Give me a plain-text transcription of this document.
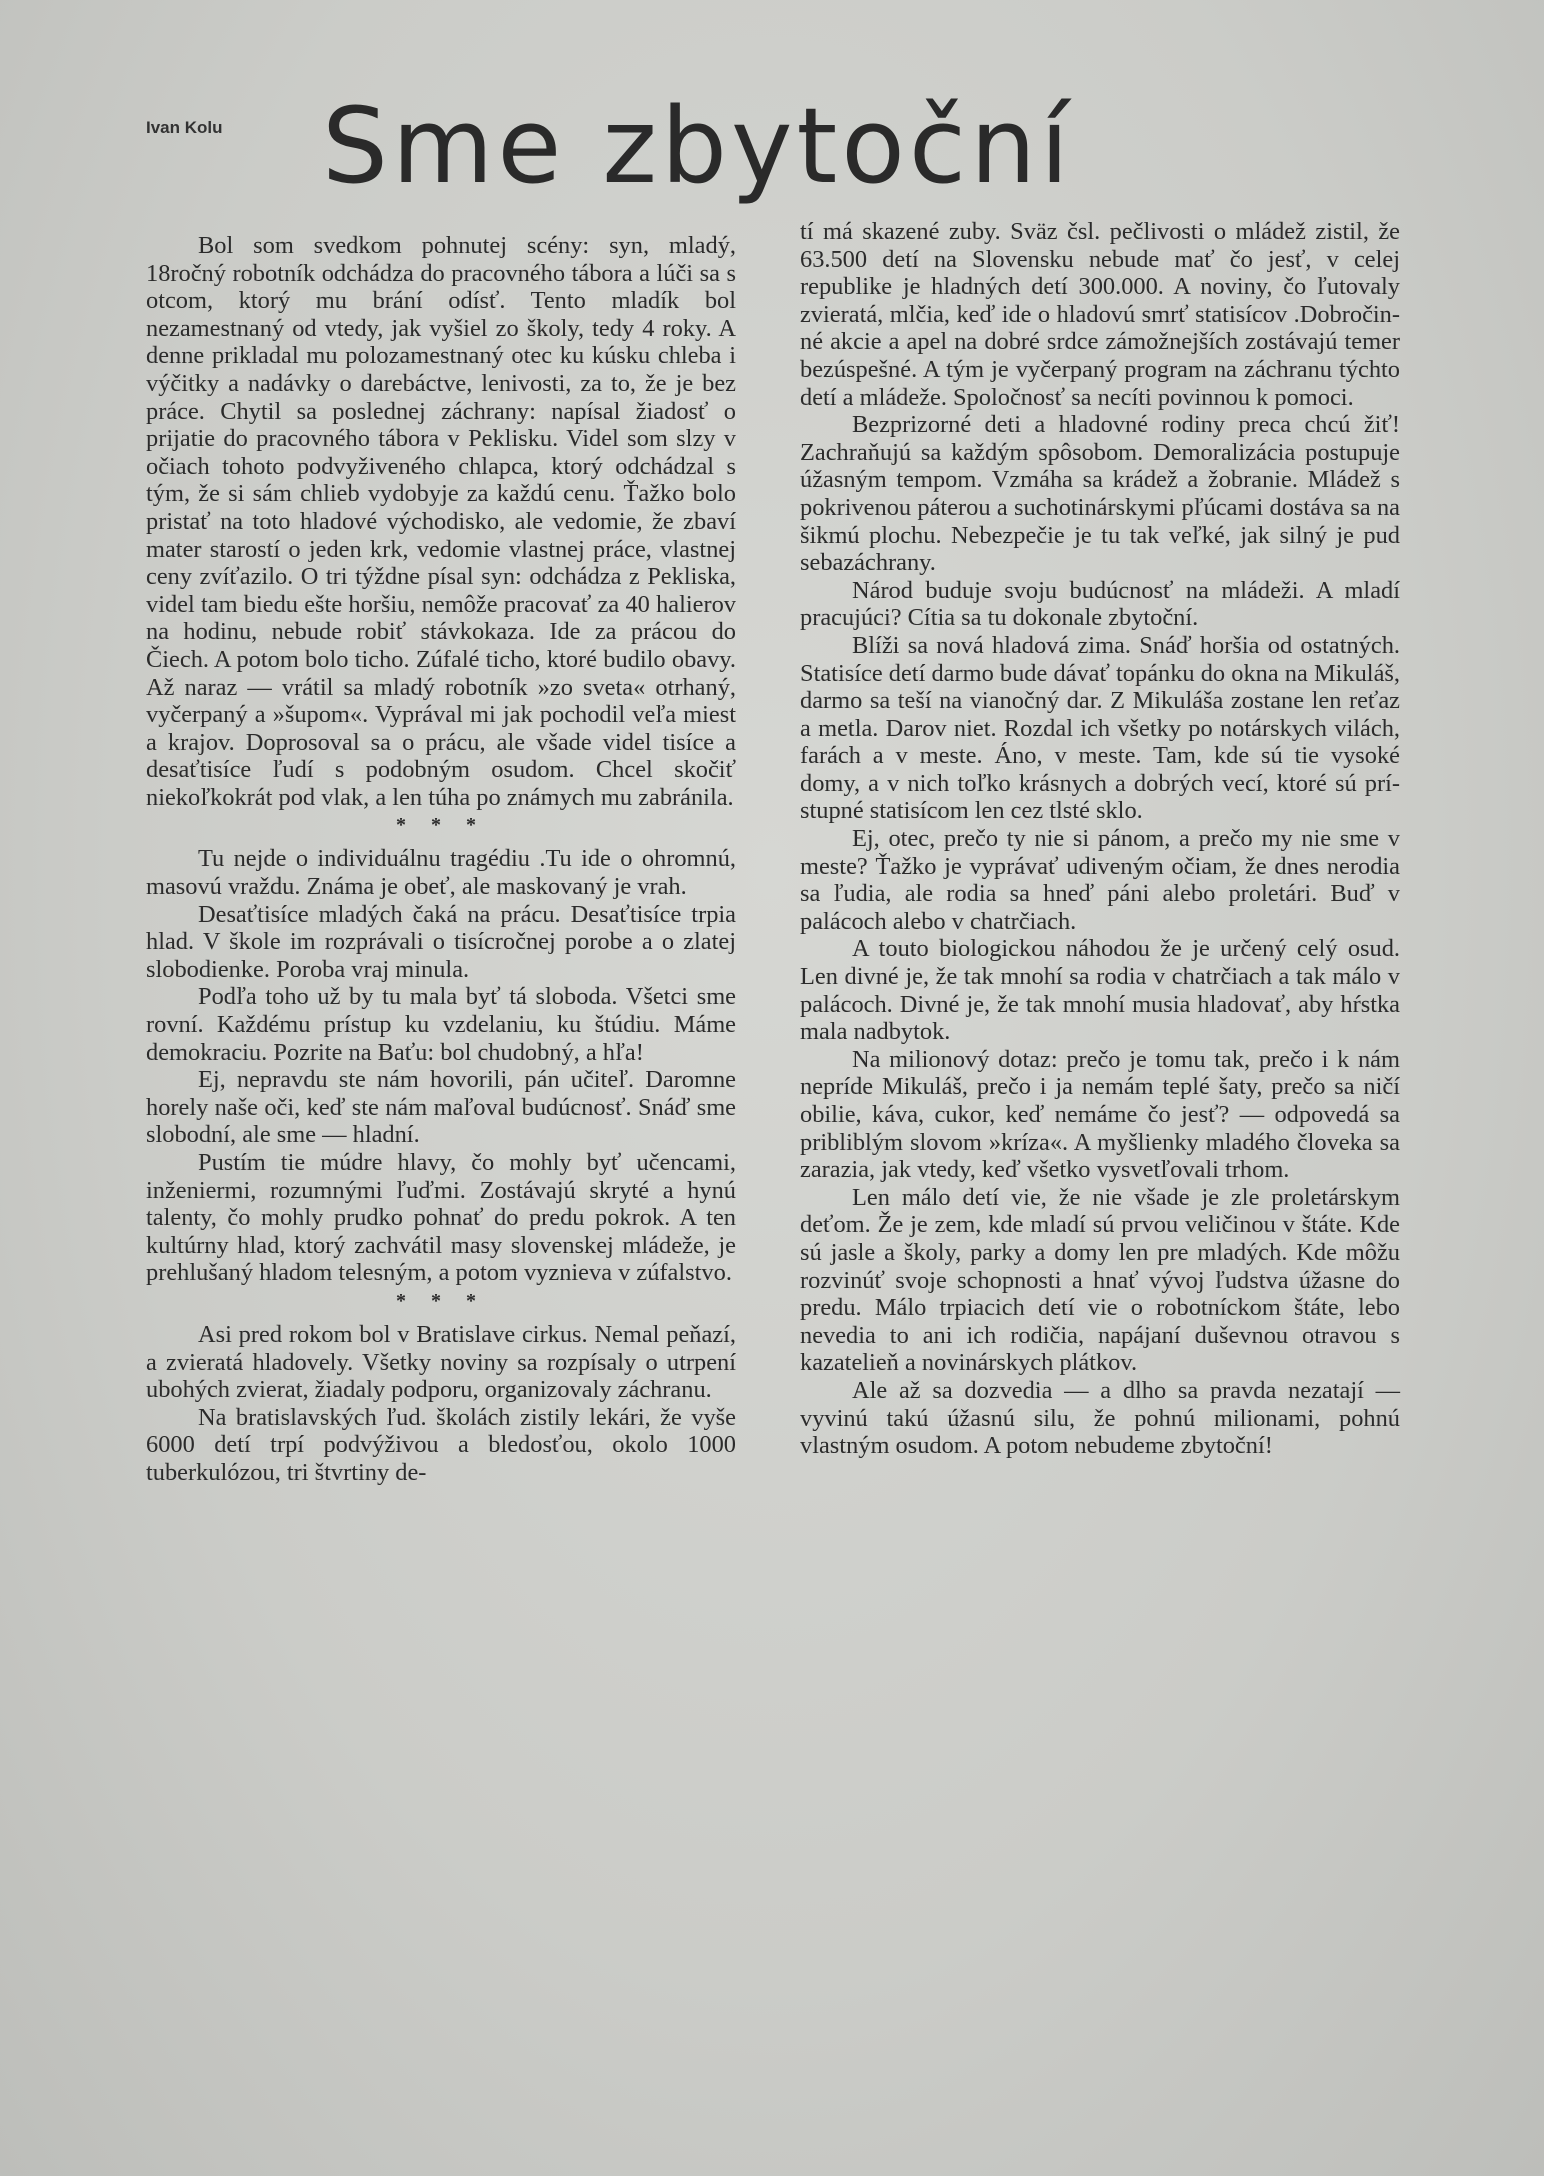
Ivan Kolu Sme zbytoční

Bol som svedkom pohnutej scény: syn, mladý, 18ročný robotník odchádza do pracovného tábora a lúči sa s otcom, ktorý mu brání odísť. Tento mladík bol nezamestnaný od vtedy, jak vyšiel zo školy, tedy 4 roky. A denne prikladal mu polozamestnaný otec ku kúsku chleba i výčitky a nadávky o darebáctve, lenivosti, za to, že je bez práce. Chytil sa poslednej záchrany: napísal žiadosť o prijatie do pracovného tábora v Peklisku. Videl som slzy v očiach tohoto podvyživeného chlapca, ktorý odchádzal s tým, že si sám chlieb vydobyje za každú cenu. Ťažko bolo pristať na toto hladové východisko, ale vedomie, že zbaví mater starostí o jeden krk, vedomie vlastnej práce, vlastnej ceny zvíťazilo. O tri týždne písal syn: odchádza z Pekliska, videl tam biedu ešte horšiu, nemôže pracovať za 40 halierov na hodinu, nebude robiť stávkokaza. Ide za prácou do Čiech. A potom bolo ticho. Zúfalé ticho, ktoré budilo obavy. Až naraz — vrátil sa mladý robotník »zo sveta« otrhaný, vyčerpaný a »šupom«. Vyprával mi jak pochodil veľa miest a krajov. Doprosoval sa o prácu, ale všade videl tisíce a desaťtisíce ľudí s podobným osudom. Chcel skočiť niekoľkokrát pod vlak, a len túha po známych mu zabránila.

* * *

Tu nejde o individuálnu tragédiu .Tu ide o ohromnú, masovú vraždu. Známa je obeť, ale maskovaný je vrah.

Desaťtisíce mladých čaká na prácu. Desaťtisíce trpia hlad. V škole im rozprávali o tisícročnej porobe a o zlatej slobodienke. Poroba vraj minula.

Podľa toho už by tu mala byť tá sloboda. Všetci sme rovní. Každému prístup ku vzdelaniu, ku štúdiu. Máme demokraciu. Pozrite na Baťu: bol chudobný, a hľa!

Ej, nepravdu ste nám hovorili, pán učiteľ. Daromne horely naše oči, keď ste nám maľoval budúcnosť. Snáď sme slobodní, ale sme — hladní.

Pustím tie múdre hlavy, čo mohly byť učencami, inženiermi, rozumnými ľuďmi. Zostávajú skryté a hynú talenty, čo mohly prudko pohnať do predu pokrok. A ten kultúrny hlad, ktorý zachvátil masy slovenskej mládeže, je prehlušaný hladom telesným, a potom vyznieva v zúfalstvo.

* * *

Asi pred rokom bol v Bratislave cirkus. Nemal peňazí, a zvieratá hladovely. Všetky noviny sa rozpísaly o utrpení ubohých zvierat, žiadaly podporu, organizovaly záchranu.

Na bratislavských ľud. školách zistily lekári, že vyše 6000 detí trpí podvýživou a bledosťou, okolo 1000 tuberkulózou, tri štvrtiny de-

tí má skazené zuby. Sväz čsl. pečlivosti o mládež zistil, že 63.500 detí na Slovensku nebude mať čo jesť, v celej republike je hladných detí 300.000. A noviny, čo ľutovaly zvieratá, mlčia, keď ide o hladovú smrť statisícov .Dobročinné akcie a apel na dobré srdce zámožnejších zostávajú temer bezúspešné. A tým je vyčerpaný program na záchranu týchto detí a mládeže. Spoločnosť sa necíti povinnou k pomoci.

Bezprizorné deti a hladovné rodiny preca chcú žiť! Zachraňujú sa každým spôsobom. Demoralizácia postupuje úžasným tempom. Vzmáha sa krádež a žobranie. Mládež s pokrivenou páterou a suchotinárskymi pľúcami dostáva sa na šikmú plochu. Nebezpečie je tu tak veľké, jak silný je pud sebazáchrany.

Národ buduje svoju budúcnosť na mládeži. A mladí pracujúci? Cítia sa tu dokonale zbytoční.

Blíži sa nová hladová zima. Snáď horšia od ostatných. Statisíce detí darmo bude dávať topánku do okna na Mikuláš, darmo sa teší na vianočný dar. Z Mikuláša zostane len reťaz a metla. Darov niet. Rozdal ich všetky po notárskych vilách, farách a v meste. Áno, v meste. Tam, kde sú tie vysoké domy, a v nich toľko krásnych a dobrých vecí, ktoré sú prístupné statisícom len cez tlsté sklo.

Ej, otec, prečo ty nie si pánom, a prečo my nie sme v meste? Ťažko je vyprávať udiveným očiam, že dnes nerodia sa ľudia, ale rodia sa hneď páni alebo proletári. Buď v palácoch alebo v chatrčiach.

A touto biologickou náhodou že je určený celý osud. Len divné je, že tak mnohí sa rodia v chatrčiach a tak málo v palácoch. Divné je, že tak mnohí musia hladovať, aby hŕstka mala nadbytok.

Na milionový dotaz: prečo je tomu tak, prečo i k nám nepríde Mikuláš, prečo i ja nemám teplé šaty, prečo sa ničí obilie, káva, cukor, keď nemáme čo jesť? — odpovedá sa pribliblým slovom »kríza«. A myšlienky mladého človeka sa zarazia, jak vtedy, keď všetko vysvetľovali trhom.

Len málo detí vie, že nie všade je zle proletárskym deťom. Že je zem, kde mladí sú prvou veličinou v štáte. Kde sú jasle a školy, parky a domy len pre mladých. Kde môžu rozvinúť svoje schopnosti a hnať vývoj ľudstva úžasne do predu. Málo trpiacich detí vie o robotníckom štáte, lebo nevedia to ani ich rodičia, napájaní duševnou otravou s kazatelieň a novinárskych plátkov.

Ale až sa dozvedia — a dlho sa pravda nezatají — vyvinú takú úžasnú silu, že pohnú milionami, pohnú vlastným osudom. A potom nebudeme zbytoční!
